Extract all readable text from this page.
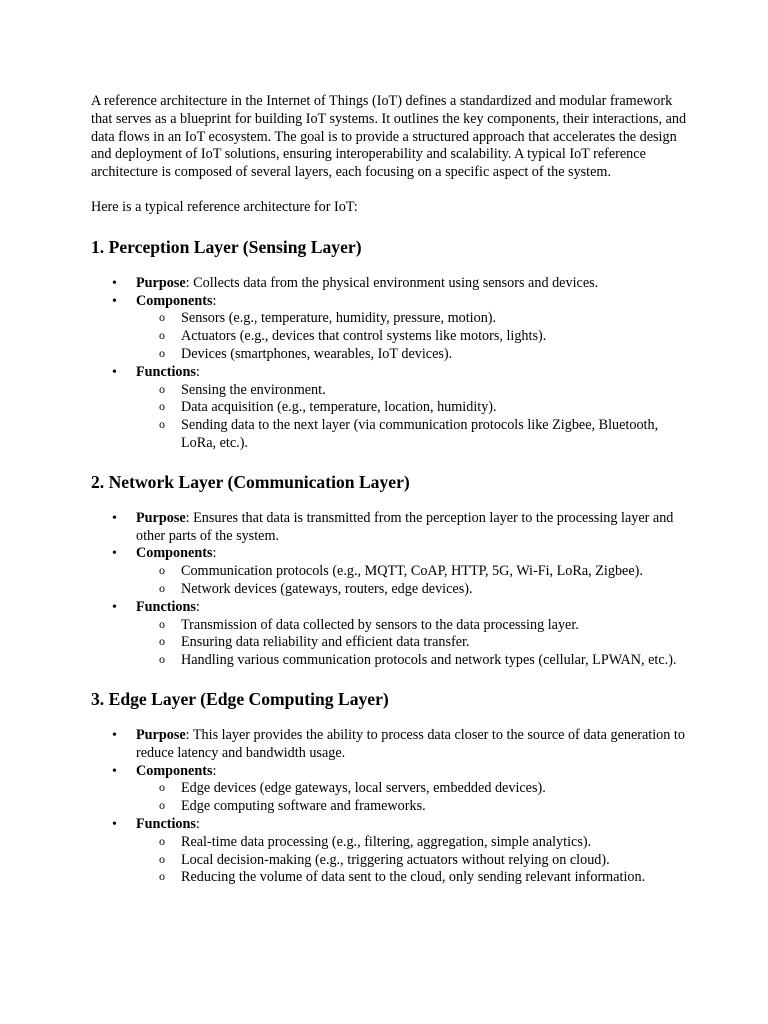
A reference architecture in the Internet of Things (IoT) defines a standardized and modular framework that serves as a blueprint for building IoT systems. It outlines the key components, their interactions, and data flows in an IoT ecosystem. The goal is to provide a structured approach that accelerates the design and deployment of IoT solutions, ensuring interoperability and scalability. A typical IoT reference architecture is composed of several layers, each focusing on a specific aspect of the system.

Here is a typical reference architecture for IoT:

1. Perception Layer (Sensing Layer)
• Purpose: Collects data from the physical environment using sensors and devices.
• Components:
o Sensors (e.g., temperature, humidity, pressure, motion).
o Actuators (e.g., devices that control systems like motors, lights).
o Devices (smartphones, wearables, IoT devices).
• Functions:
o Sensing the environment.
o Data acquisition (e.g., temperature, location, humidity).
o Sending data to the next layer (via communication protocols like Zigbee, Bluetooth, LoRa, etc.).
2. Network Layer (Communication Layer)
• Purpose: Ensures that data is transmitted from the perception layer to the processing layer and other parts of the system.
• Components:
o Communication protocols (e.g., MQTT, CoAP, HTTP, 5G, Wi-Fi, LoRa, Zigbee).
o Network devices (gateways, routers, edge devices).
• Functions:
o Transmission of data collected by sensors to the data processing layer.
o Ensuring data reliability and efficient data transfer.
o Handling various communication protocols and network types (cellular, LPWAN, etc.).
3. Edge Layer (Edge Computing Layer)
• Purpose: This layer provides the ability to process data closer to the source of data generation to reduce latency and bandwidth usage.
• Components:
o Edge devices (edge gateways, local servers, embedded devices).
o Edge computing software and frameworks.
• Functions:
o Real-time data processing (e.g., filtering, aggregation, simple analytics).
o Local decision-making (e.g., triggering actuators without relying on cloud).
o Reducing the volume of data sent to the cloud, only sending relevant information.
